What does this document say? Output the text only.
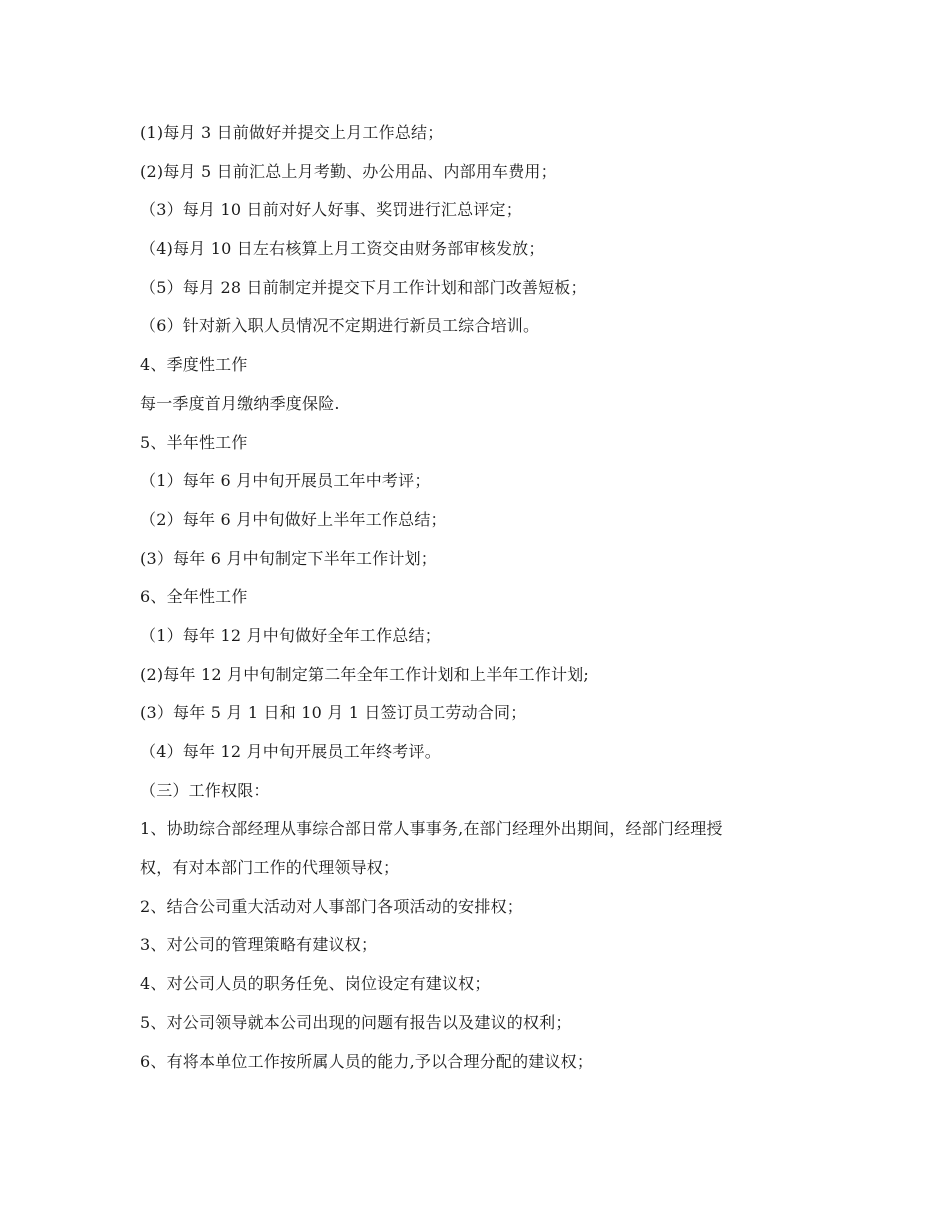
(1)每月 3 日前做好并提交上月工作总结；
(2)每月 5 日前汇总上月考勤、办公用品、内部用车费用；
（3）每月 10 日前对好人好事、奖罚进行汇总评定；
（4)每月 10 日左右核算上月工资交由财务部审核发放；
（5）每月 28 日前制定并提交下月工作计划和部门改善短板；
（6）针对新入职人员情况不定期进行新员工综合培训。
4、季度性工作
每一季度首月缴纳季度保险.
5、半年性工作
（1）每年 6 月中旬开展员工年中考评；
（2）每年 6 月中旬做好上半年工作总结；
(3）每年 6 月中旬制定下半年工作计划；
6、全年性工作
（1）每年 12 月中旬做好全年工作总结；
(2)每年 12 月中旬制定第二年全年工作计划和上半年工作计划;
(3）每年 5 月 1 日和 10 月 1 日签订员工劳动合同；
（4）每年 12 月中旬开展员工年终考评。
（三）工作权限：
1、协助综合部经理从事综合部日常人事事务,在部门经理外出期间，经部门经理授
权，有对本部门工作的代理领导权；
2、结合公司重大活动对人事部门各项活动的安排权；
3、对公司的管理策略有建议权；
4、对公司人员的职务任免、岗位设定有建议权；
5、对公司领导就本公司出现的问题有报告以及建议的权利；
6、有将本单位工作按所属人员的能力,予以合理分配的建议权；
